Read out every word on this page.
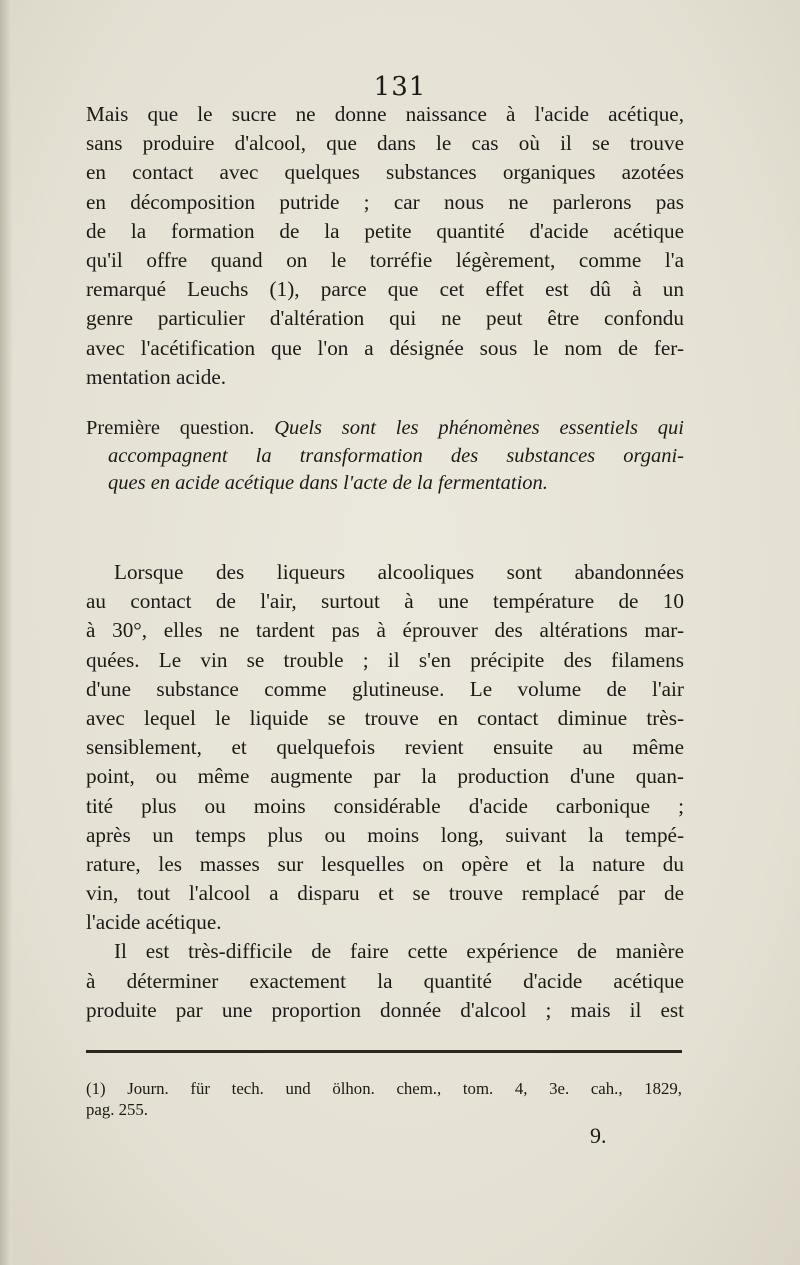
131
Mais que le sucre ne donne naissance à l'acide acétique,
sans produire d'alcool, que dans le cas où il se trouve
en contact avec quelques substances organiques azotées
en décomposition putride ; car nous ne parlerons pas
de la formation de la petite quantité d'acide acétique
qu'il offre quand on le torréfie légèrement, comme l'a
remarqué Leuchs (1), parce que cet effet est dû à un
genre particulier d'altération qui ne peut être confondu
avec l'acétification que l'on a désignée sous le nom de fer-
mentation acide.
Première question. Quels sont les phénomènes essentiels qui
accompagnent la transformation des substances organi-
ques en acide acétique dans l'acte de la fermentation.
Lorsque des liqueurs alcooliques sont abandonnées
au contact de l'air, surtout à une température de 10
à 30°, elles ne tardent pas à éprouver des altérations mar-
quées. Le vin se trouble ; il s'en précipite des filamens
d'une substance comme glutineuse. Le volume de l'air
avec lequel le liquide se trouve en contact diminue très-
sensiblement, et quelquefois revient ensuite au même
point, ou même augmente par la production d'une quan-
tité plus ou moins considérable d'acide carbonique ;
après un temps plus ou moins long, suivant la tempé-
rature, les masses sur lesquelles on opère et la nature du
vin, tout l'alcool a disparu et se trouve remplacé par de
l'acide acétique.
Il est très-difficile de faire cette expérience de manière
à déterminer exactement la quantité d'acide acétique
produite par une proportion donnée d'alcool ; mais il est
(1) Journ. für tech. und ölhon. chem., tom. 4, 3e. cah., 1829,
pag. 255.
9.
